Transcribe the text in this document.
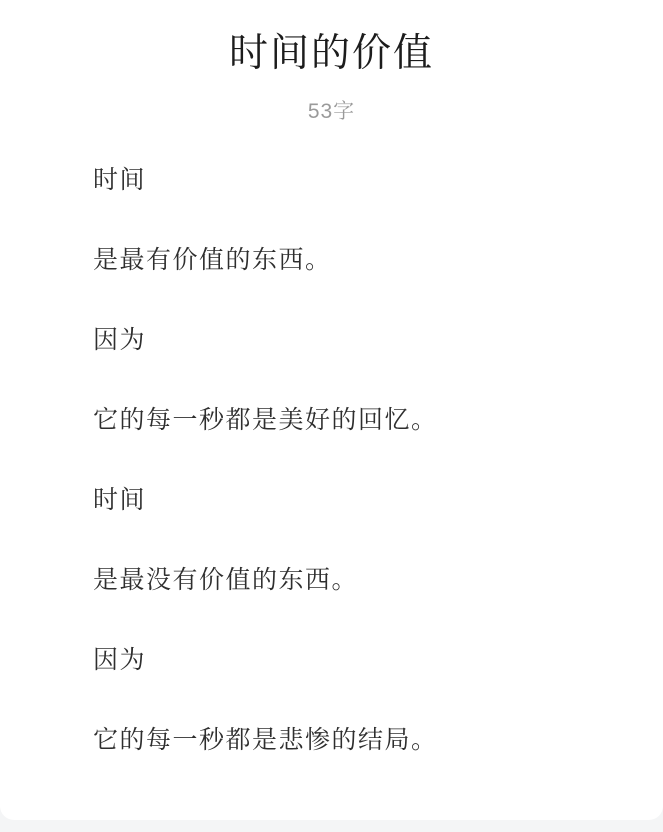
时间的价值
53字

时间

是最有价值的东西。

因为

它的每一秒都是美好的回忆。

时间

是最没有价值的东西。

因为

它的每一秒都是悲惨的结局。
